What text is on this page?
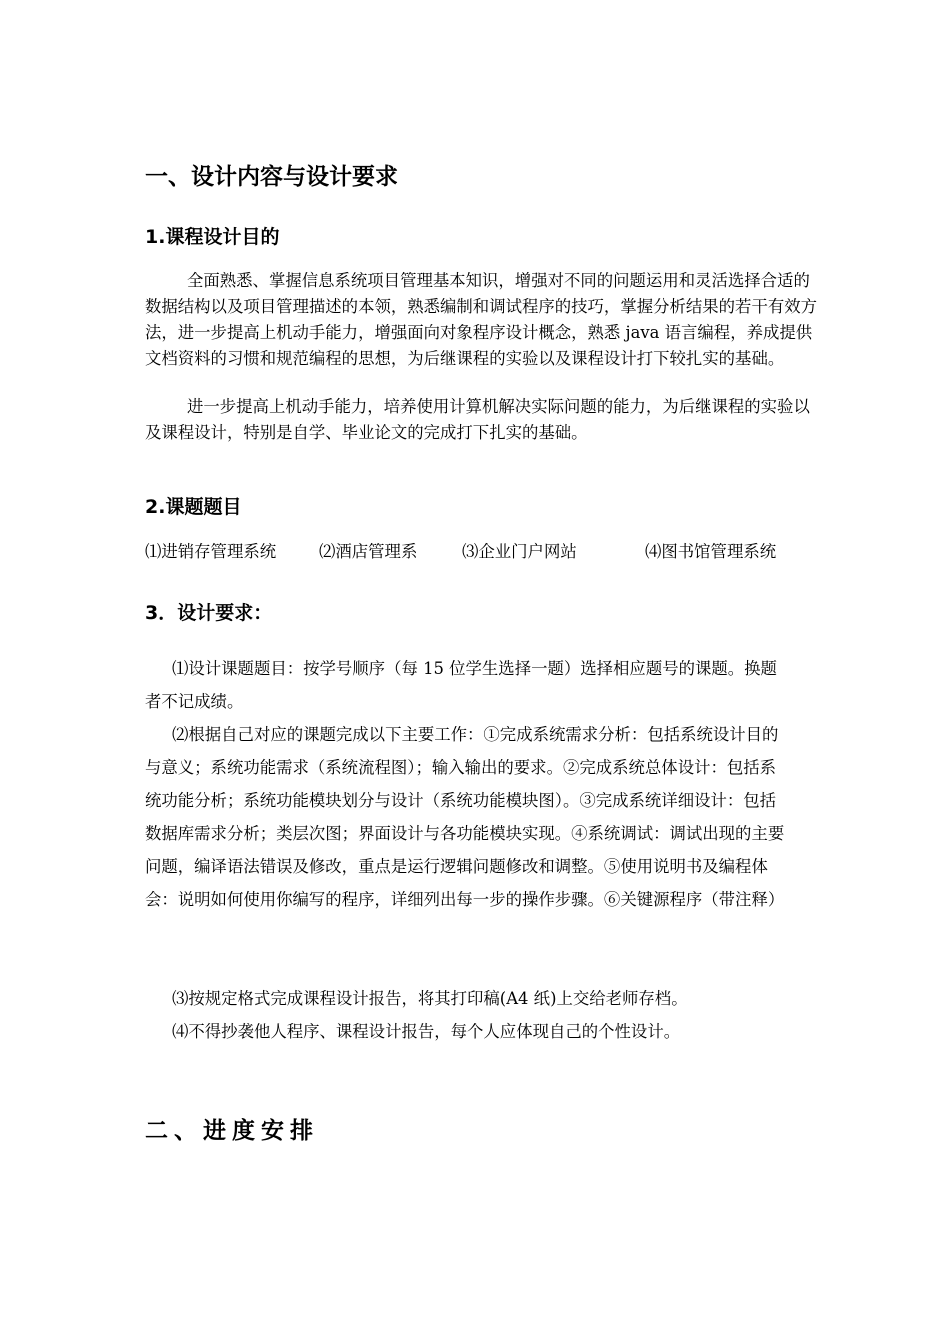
一、设计内容与设计要求
1.课程设计目的
全面熟悉、掌握信息系统项目管理基本知识，增强对不同的问题运用和灵活选择合适的数据结构以及项目管理描述的本领，熟悉编制和调试程序的技巧，掌握分析结果的若干有效方法，进一步提高上机动手能力，增强面向对象程序设计概念，熟悉 java 语言编程，养成提供文档资料的习惯和规范编程的思想，为后继课程的实验以及课程设计打下较扎实的基础。
进一步提高上机动手能力，培养使用计算机解决实际问题的能力，为后继课程的实验以及课程设计，特别是自学、毕业论文的完成打下扎实的基础。
2.课题题目
⑴进销存管理系统	⑵酒店管理系	⑶企业门户网站	⑷图书馆管理系统
3．设计要求：
⑴设计课题题目：按学号顺序（每 15 位学生选择一题）选择相应题号的课题。换题者不记成绩。
⑵根据自己对应的课题完成以下主要工作：①完成系统需求分析：包括系统设计目的与意义；系统功能需求（系统流程图）；输入输出的要求。②完成系统总体设计：包括系统功能分析；系统功能模块划分与设计（系统功能模块图）。③完成系统详细设计：包括数据库需求分析；类层次图；界面设计与各功能模块实现。④系统调试：调试出现的主要问题，编译语法错误及修改，重点是运行逻辑问题修改和调整。⑤使用说明书及编程体会：说明如何使用你编写的程序，详细列出每一步的操作步骤。⑥关键源程序（带注释）
⑶按规定格式完成课程设计报告，将其打印稿(A4 纸)上交给老师存档。
⑷不得抄袭他人程序、课程设计报告，每个人应体现自己的个性设计。
二、进度安排
